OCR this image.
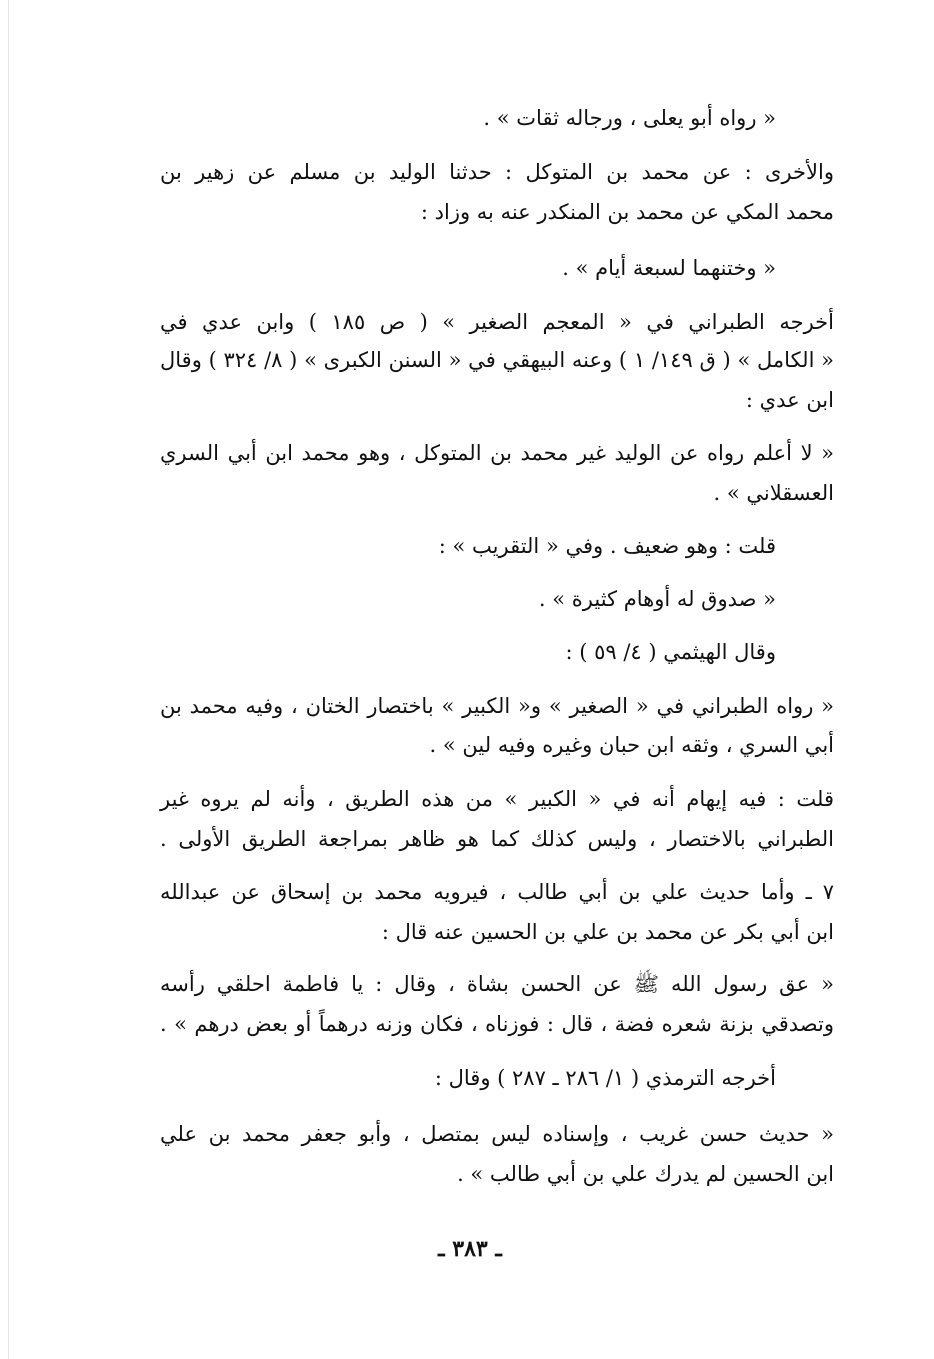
« رواه أبو يعلى ، ورجاله ثقات » .
والأخرى : عن محمد بن المتوكل : حدثنا الوليد بن مسلم عن زهير بن
محمد المكي عن محمد بن المنكدر عنه به وزاد :
« وختنهما لسبعة أيام » .
أخرجه الطبراني في « المعجم الصغير » ( ص ١٨٥ ) وابن عدي في
« الكامل » ( ق ١٤٩/ ١ ) وعنه البيهقي في « السنن الكبرى » ( ٨/ ٣٢٤ ) وقال
ابن عدي :
« لا أعلم رواه عن الوليد غير محمد بن المتوكل ، وهو محمد ابن أبي السري
العسقلاني » .
قلت : وهو ضعيف . وفي « التقريب » :
« صدوق له أوهام كثيرة » .
وقال الهيثمي ( ٤/ ٥٩ ) :
« رواه الطبراني في « الصغير » و« الكبير » باختصار الختان ، وفيه محمد بن
أبي السري ، وثقه ابن حبان وغيره وفيه لين » .
قلت : فيه إيهام أنه في « الكبير » من هذه الطريق ، وأنه لم يروه غير
الطبراني بالاختصار ، وليس كذلك كما هو ظاهر بمراجعة الطريق الأولى .
٧ ـ وأما حديث علي بن أبي طالب ، فيرويه محمد بن إسحاق عن عبدالله
ابن أبي بكر عن محمد بن علي بن الحسين عنه قال :
« عق رسول الله ﷺ عن الحسن بشاة ، وقال : يا فاطمة احلقي رأسه
وتصدقي بزنة شعره فضة ، قال : فوزناه ، فكان وزنه درهماً أو بعض درهم » .
أخرجه الترمذي ( ١/ ٢٨٦ ـ ٢٨٧ ) وقال :
« حديث حسن غريب ، وإسناده ليس بمتصل ، وأبو جعفر محمد بن علي
ابن الحسين لم يدرك علي بن أبي طالب » .
ـ ٣٨٣ ـ
